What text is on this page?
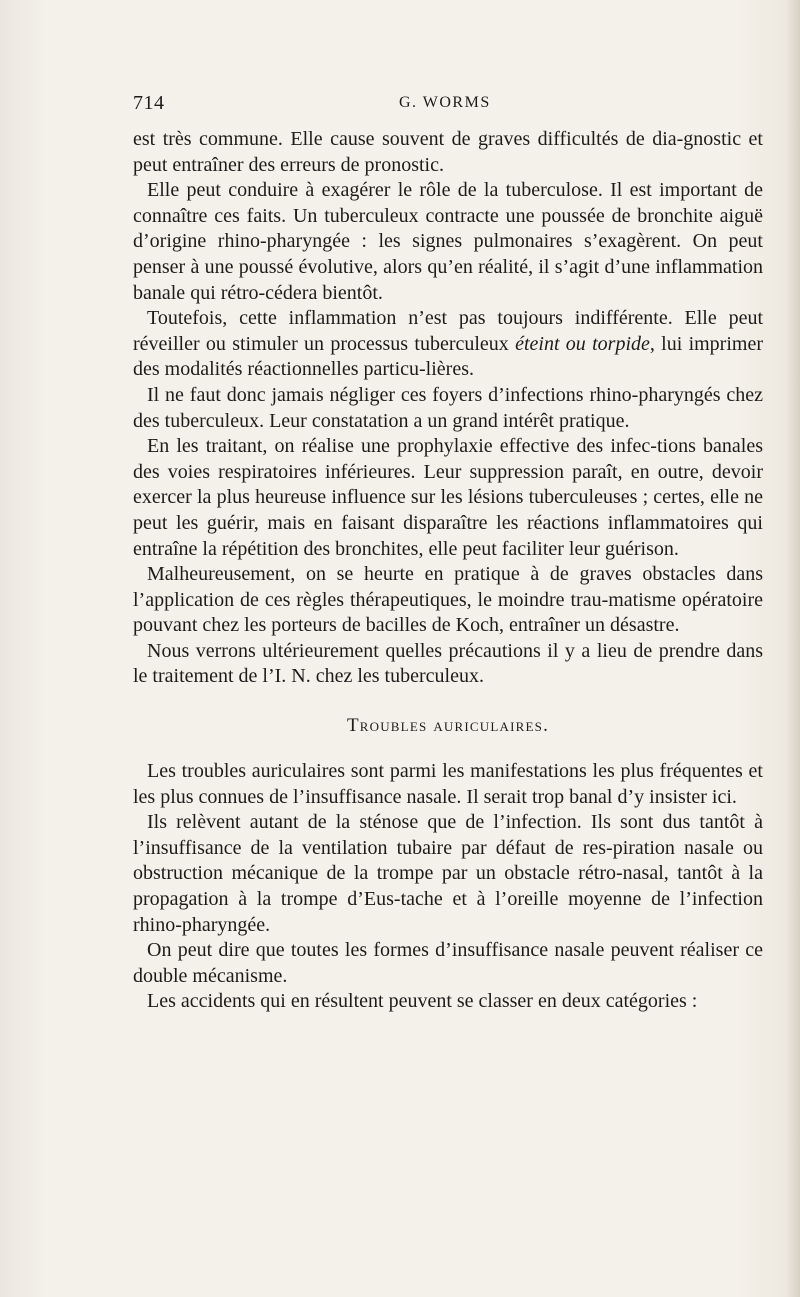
714	G. WORMS

est très commune. Elle cause souvent de graves difficultés de dia-gnostic et peut entraîner des erreurs de pronostic.

Elle peut conduire à exagérer le rôle de la tuberculose. Il est important de connaître ces faits. Un tuberculeux contracte une poussée de bronchite aiguë d’origine rhino-pharyngée : les signes pulmonaires s’exagèrent. On peut penser à une poussé évolutive, alors qu’en réalité, il s’agit d’une inflammation banale qui rétro-cédera bientôt.

Toutefois, cette inflammation n’est pas toujours indifférente. Elle peut réveiller ou stimuler un processus tuberculeux éteint ou torpide, lui imprimer des modalités réactionnelles particu-lières.

Il ne faut donc jamais négliger ces foyers d’infections rhino-pharyngés chez des tuberculeux. Leur constatation a un grand intérêt pratique.

En les traitant, on réalise une prophylaxie effective des infec-tions banales des voies respiratoires inférieures. Leur suppression paraît, en outre, devoir exercer la plus heureuse influence sur les lésions tuberculeuses ; certes, elle ne peut les guérir, mais en faisant disparaître les réactions inflammatoires qui entraîne la répétition des bronchites, elle peut faciliter leur guérison.

Malheureusement, on se heurte en pratique à de graves obstacles dans l’application de ces règles thérapeutiques, le moindre trau-matisme opératoire pouvant chez les porteurs de bacilles de Koch, entraîner un désastre.

Nous verrons ultérieurement quelles précautions il y a lieu de prendre dans le traitement de l’I. N. chez les tuberculeux.

Troubles auriculaires.

Les troubles auriculaires sont parmi les manifestations les plus fréquentes et les plus connues de l’insuffisance nasale. Il serait trop banal d’y insister ici.

Ils relèvent autant de la sténose que de l’infection. Ils sont dus tantôt à l’insuffisance de la ventilation tubaire par défaut de res-piration nasale ou obstruction mécanique de la trompe par un obstacle rétro-nasal, tantôt à la propagation à la trompe d’Eus-tache et à l’oreille moyenne de l’infection rhino-pharyngée.

On peut dire que toutes les formes d’insuffisance nasale peuvent réaliser ce double mécanisme.

Les accidents qui en résultent peuvent se classer en deux catégories :
